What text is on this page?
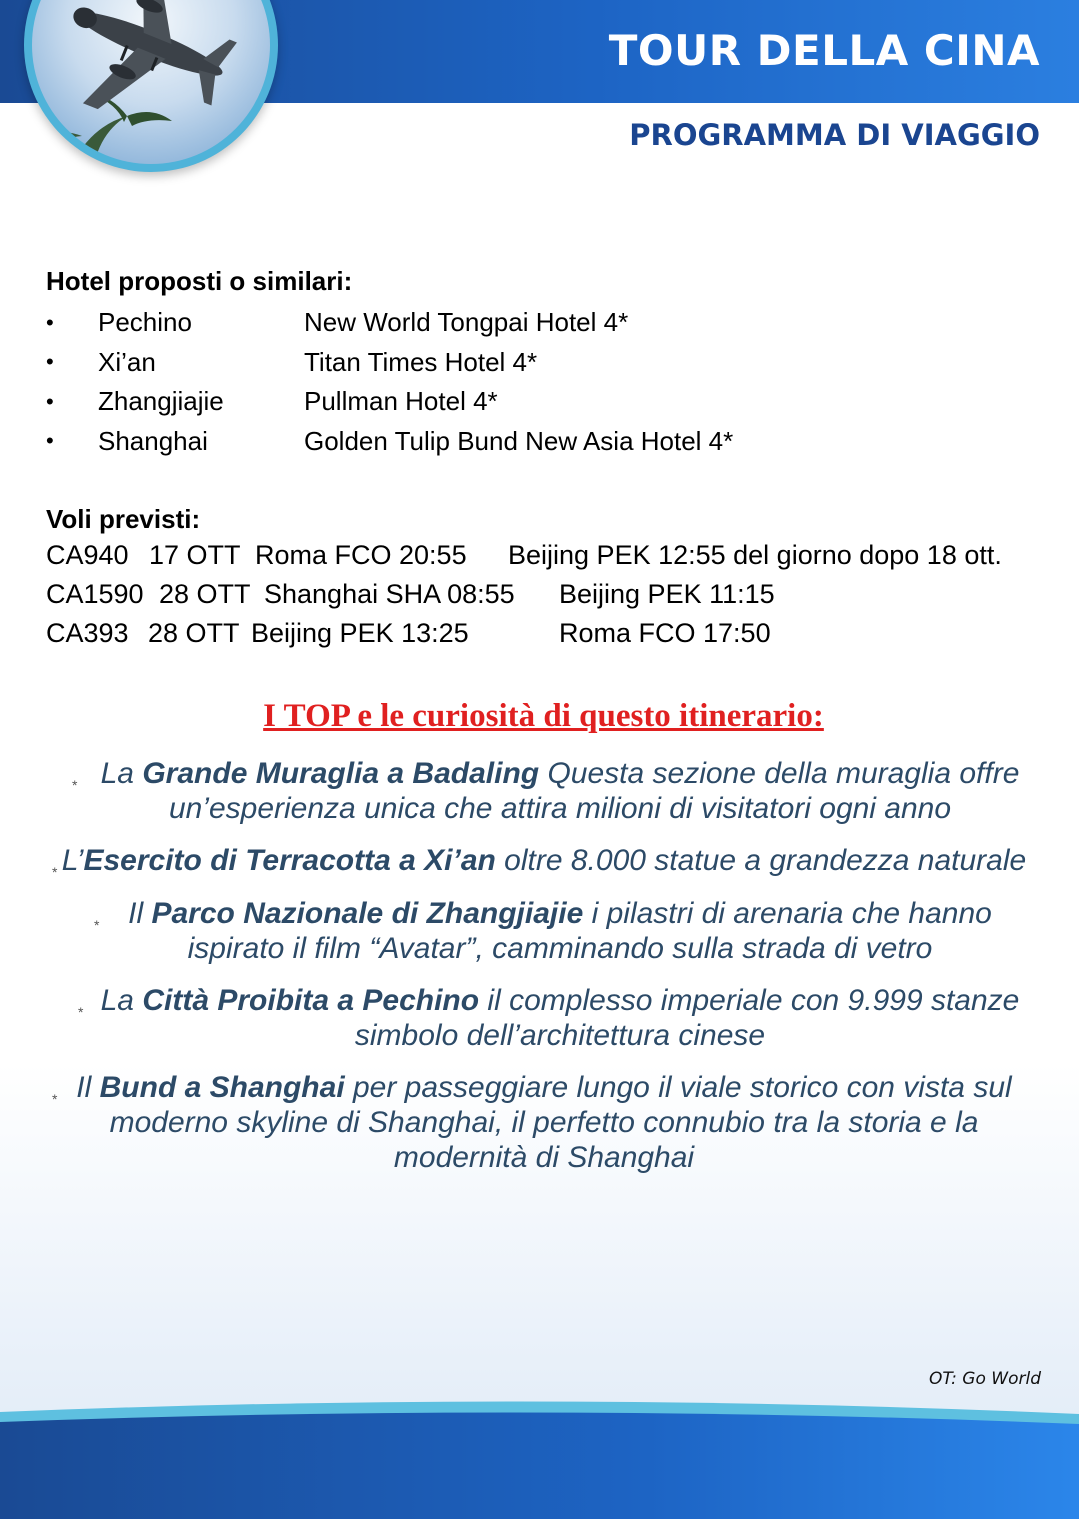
TOUR DELLA CINA
PROGRAMMA DI VIAGGIO
Hotel proposti o similari:
•	Pechino	New World Tongpai Hotel 4*
•	Xi’an	Titan Times Hotel 4*
•	Zhangjiajie	Pullman Hotel 4*
•	Shanghai	Golden Tulip Bund New Asia Hotel 4*
Voli previsti:
CA940 17 OTT Roma FCO 20:55 Beijing PEK 12:55 del giorno dopo 18 ott.
CA1590 28 OTT Shanghai SHA 08:55 Beijing PEK 11:15
CA393 28 OTT Beijing PEK 13:25	Roma FCO 17:50
I TOP e le curiosità di questo itinerario:
* La Grande Muraglia a Badaling Questa sezione della muraglia offre
un’esperienza unica che attira milioni di visitatori ogni anno
* L’Esercito di Terracotta a Xi’an oltre 8.000 statue a grandezza naturale
* Il Parco Nazionale di Zhangjiajie i pilastri di arenaria che hanno
ispirato il film “Avatar”, camminando sulla strada di vetro
* La Città Proibita a Pechino il complesso imperiale con 9.999 stanze
simbolo dell’architettura cinese
* Il Bund a Shanghai per passeggiare lungo il viale storico con vista sul
moderno skyline di Shanghai, il perfetto connubio tra la storia e la
modernità di Shanghai
OT: Go World
